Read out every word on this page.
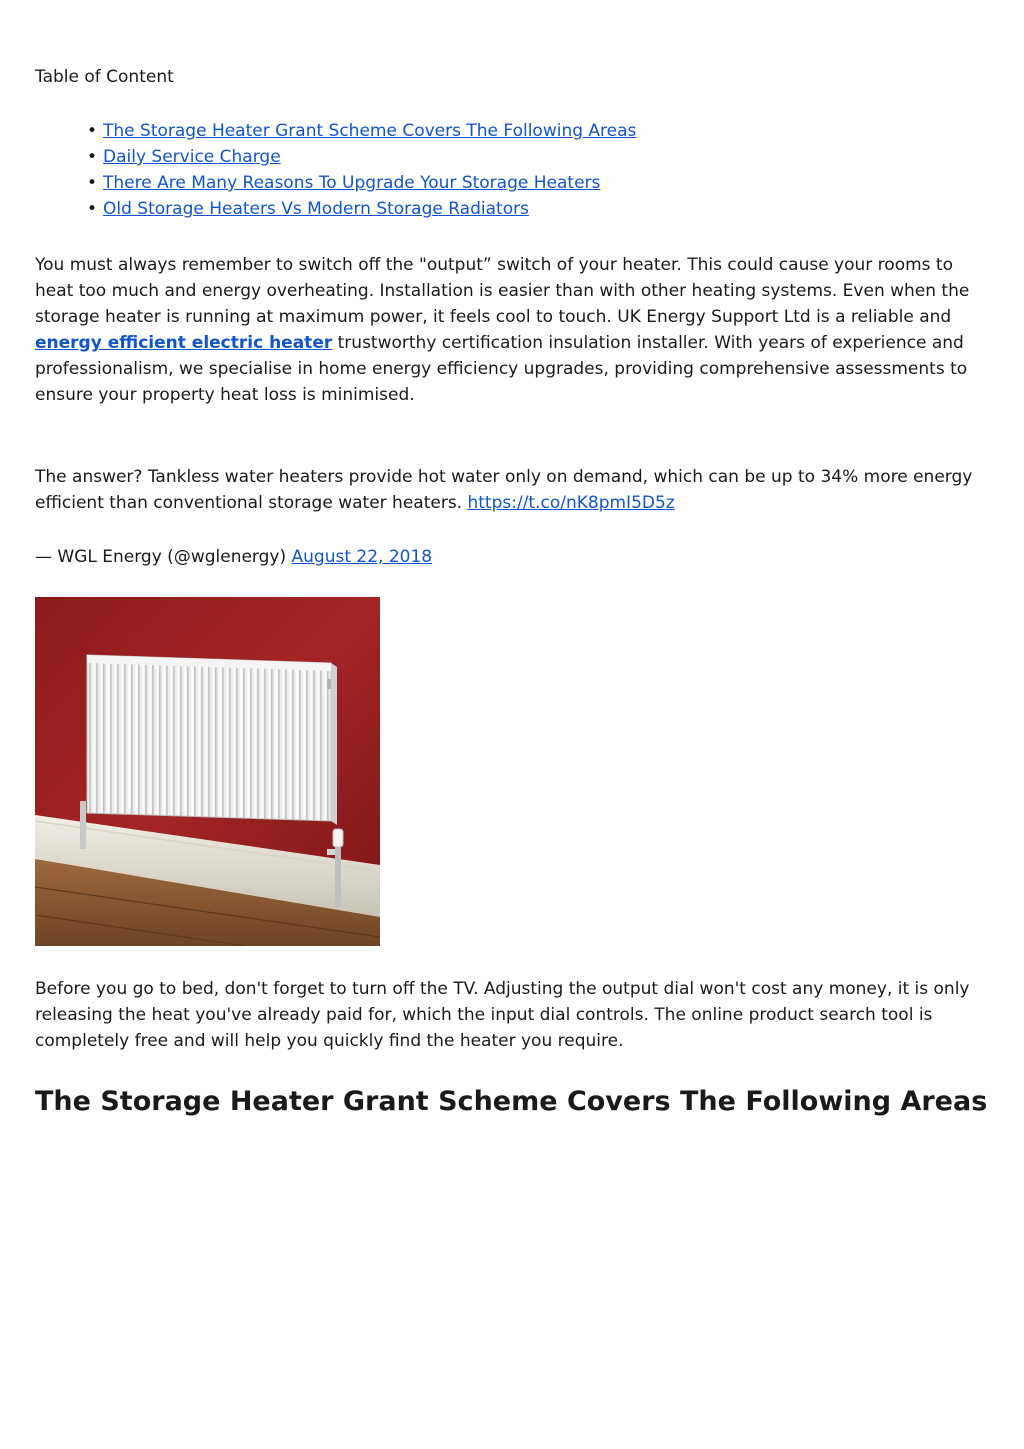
Table of Content

• The Storage Heater Grant Scheme Covers The Following Areas
• Daily Service Charge
• There Are Many Reasons To Upgrade Your Storage Heaters
• Old Storage Heaters Vs Modern Storage Radiators

You must always remember to switch off the "output” switch of your heater. This could cause your rooms to heat too much and energy overheating. Installation is easier than with other heating systems. Even when the storage heater is running at maximum power, it feels cool to touch. UK Energy Support Ltd is a reliable and energy efficient electric heater trustworthy certification insulation installer. With years of experience and professionalism, we specialise in home energy efficiency upgrades, providing comprehensive assessments to ensure your property heat loss is minimised.

The answer? Tankless water heaters provide hot water only on demand, which can be up to 34% more energy efficient than conventional storage water heaters. https://t.co/nK8pmI5D5z

— WGL Energy (@wglenergy) August 22, 2018

Before you go to bed, don't forget to turn off the TV. Adjusting the output dial won't cost any money, it is only releasing the heat you've already paid for, which the input dial controls. The online product search tool is completely free and will help you quickly find the heater you require.

The Storage Heater Grant Scheme Covers The Following Areas
